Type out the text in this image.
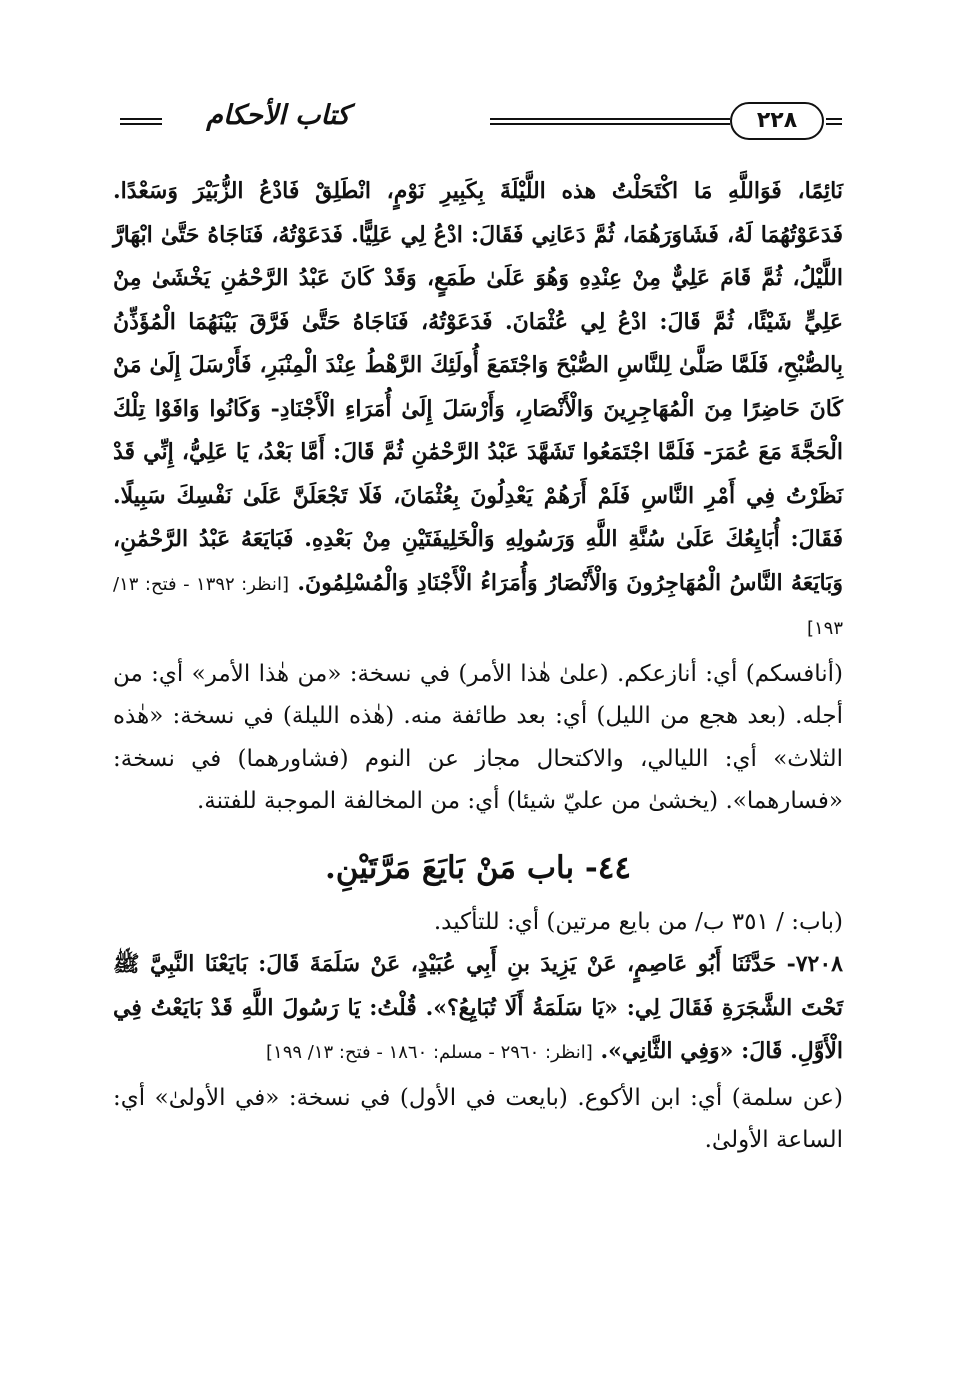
٢٢٨
كتاب الأحكام

نَائِمًا، فَوَاللَّهِ مَا اكْتَحَلْتُ هذه اللَّيْلَةَ بِكَبِيرِ نَوْمٍ، انْطَلِقْ فَادْعُ الزُّبَيْرَ وَسَعْدًا. فَدَعَوْتُهُمَا لَهُ، فَشَاوَرَهُمَا، ثُمَّ دَعَانِي فَقَالَ: ادْعُ لِي عَلِيًّا. فَدَعَوْتُهُ، فَنَاجَاهُ حَتَّىٰ ابْهَارَّ اللَّيْلُ، ثُمَّ قَامَ عَلِيٌّ مِنْ عِنْدِهِ وَهُوَ عَلَىٰ طَمَعٍ، وَقَدْ كَانَ عَبْدُ الرَّحْمَٰنِ يَخْشَىٰ مِنْ عَلِيٍّ شَيْئًا، ثُمَّ قَالَ: ادْعُ لِي عُثْمَانَ. فَدَعَوْتُهُ، فَنَاجَاهُ حَتَّىٰ فَرَّقَ بَيْنَهُمَا الْمُؤَذِّنُ بِالصُّبْحِ، فَلَمَّا صَلَّىٰ لِلنَّاسِ الصُّبْحَ وَاجْتَمَعَ أُولَئِكَ الرَّهْطُ عِنْدَ الْمِنْبَرِ، فَأَرْسَلَ إِلَىٰ مَنْ كَانَ حَاضِرًا مِنَ الْمُهَاجِرِينَ وَالْأَنْصَارِ، وَأَرْسَلَ إِلَىٰ أُمَرَاءِ الْأَجْنَادِ- وَكَانُوا وَافَوْا تِلْكَ الْحَجَّةَ مَعَ عُمَرَ- فَلَمَّا اجْتَمَعُوا تَشَهَّدَ عَبْدُ الرَّحْمَٰنِ ثُمَّ قَالَ: أَمَّا بَعْدُ، يَا عَلِيُّ، إِنِّي قَدْ نَظَرْتُ فِي أَمْرِ النَّاسِ فَلَمْ أَرَهُمْ يَعْدِلُونَ بِعُثْمَانَ، فَلَا تَجْعَلَنَّ عَلَىٰ نَفْسِكَ سَبِيلًا. فَقَالَ: أُبَايِعُكَ عَلَىٰ سُنَّةِ اللَّهِ وَرَسُولِهِ وَالْخَلِيفَتَيْنِ مِنْ بَعْدِهِ. فَبَايَعَهُ عَبْدُ الرَّحْمَٰنِ، وَبَايَعَهُ النَّاسُ الْمُهَاجِرُونَ وَالْأَنْصَارُ وَأُمَرَاءُ الْأَجْنَادِ وَالْمُسْلِمُونَ. [انظر: ١٣٩٢ - فتح: ١٣/ ١٩٣]

(أنافسكم) أي: أنازعكم. (علىٰ هٰذا الأمر) في نسخة: «من هٰذا الأمر» أي: من أجله. (بعد هجع من الليل) أي: بعد طائفة منه. (هٰذه الليلة) في نسخة: «هٰذه الثلاث» أي: الليالي، والاكتحال مجاز عن النوم (فشاورهما) في نسخة: «فسارهما». (يخشىٰ من عليّ شيئا) أي: من المخالفة الموجبة للفتنة.

٤٤- باب مَنْ بَايَعَ مَرَّتَيْنِ.

(باب: / ٣٥١ ب/ من بايع مرتين) أي: للتأكيد.

٧٢٠٨- حَدَّثَنَا أَبُو عَاصِمٍ، عَنْ يَزِيدَ بنِ أَبِي عُبَيْدٍ، عَنْ سَلَمَةَ قَالَ: بَايَعْنَا النَّبِيَّ ﷺ تَحْتَ الشَّجَرَةِ فَقَالَ لِي: «يَا سَلَمَةُ أَلَا تُبَايِعُ؟». قُلْتُ: يَا رَسُولَ اللَّهِ قَدْ بَايَعْتُ فِي الْأَوَّلِ. قَالَ: «وَفِي الثَّانِي». [انظر: ٢٩٦٠ - مسلم: ١٨٦٠ - فتح: ١٣/ ١٩٩]

(عن سلمة) أي: ابن الأكوع. (بايعت في الأول) في نسخة: «في الأولىٰ» أي: الساعة الأولىٰ.
